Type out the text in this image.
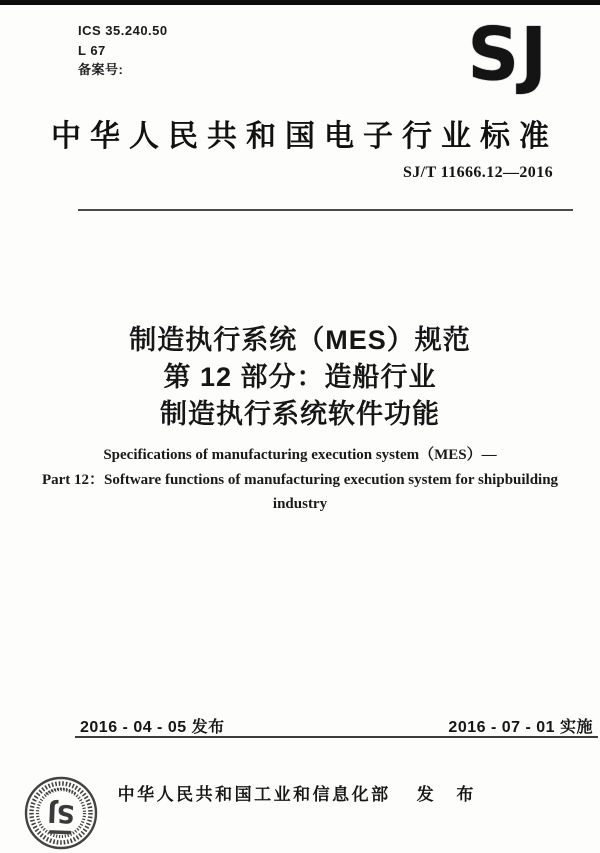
ICS 35.240.50
L 67
备案号:	SJ
中华人民共和国电子行业标准
SJ/T 11666.12—2016
制造执行系统（MES）规范
第 12 部分：造船行业
制造执行系统软件功能
Specifications of manufacturing execution system（MES）—
Part 12：Software functions of manufacturing execution system for shipbuilding
industry
2016 - 04 - 05 发布	2016 - 07 - 01 实施
中华人民共和国工业和信息化部 发 布
SJ
